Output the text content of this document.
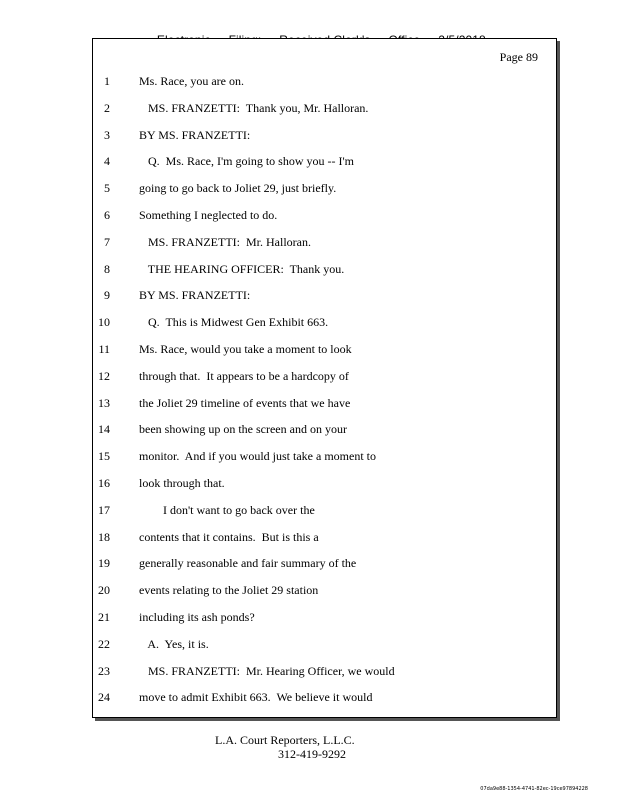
Page 89
1 Ms. Race, you are on.
2 MS. FRANZETTI:  Thank you, Mr. Halloran.
3 BY MS. FRANZETTI:
4 Q.  Ms. Race, I'm going to show you -- I'm
5 going to go back to Joliet 29, just briefly.
6 Something I neglected to do.
7 MS. FRANZETTI:  Mr. Halloran.
8 THE HEARING OFFICER:  Thank you.
9 BY MS. FRANZETTI:
10 Q.  This is Midwest Gen Exhibit 663.
11 Ms. Race, would you take a moment to look
12 through that.  It appears to be a hardcopy of
13 the Joliet 29 timeline of events that we have
14 been showing up on the screen and on your
15 monitor.  And if you would just take a moment to
16 look through that.
17 I don't want to go back over the
18 contents that it contains.  But is this a
19 generally reasonable and fair summary of the
20 events relating to the Joliet 29 station
21 including its ash ponds?
22 A.  Yes, it is.
23 MS. FRANZETTI:  Mr. Hearing Officer, we would
24 move to admit Exhibit 663.  We believe it would
L.A. Court Reporters, L.L.C.
312-419-9292
07da9e88-1354-4741-82ec-19ce97894228
